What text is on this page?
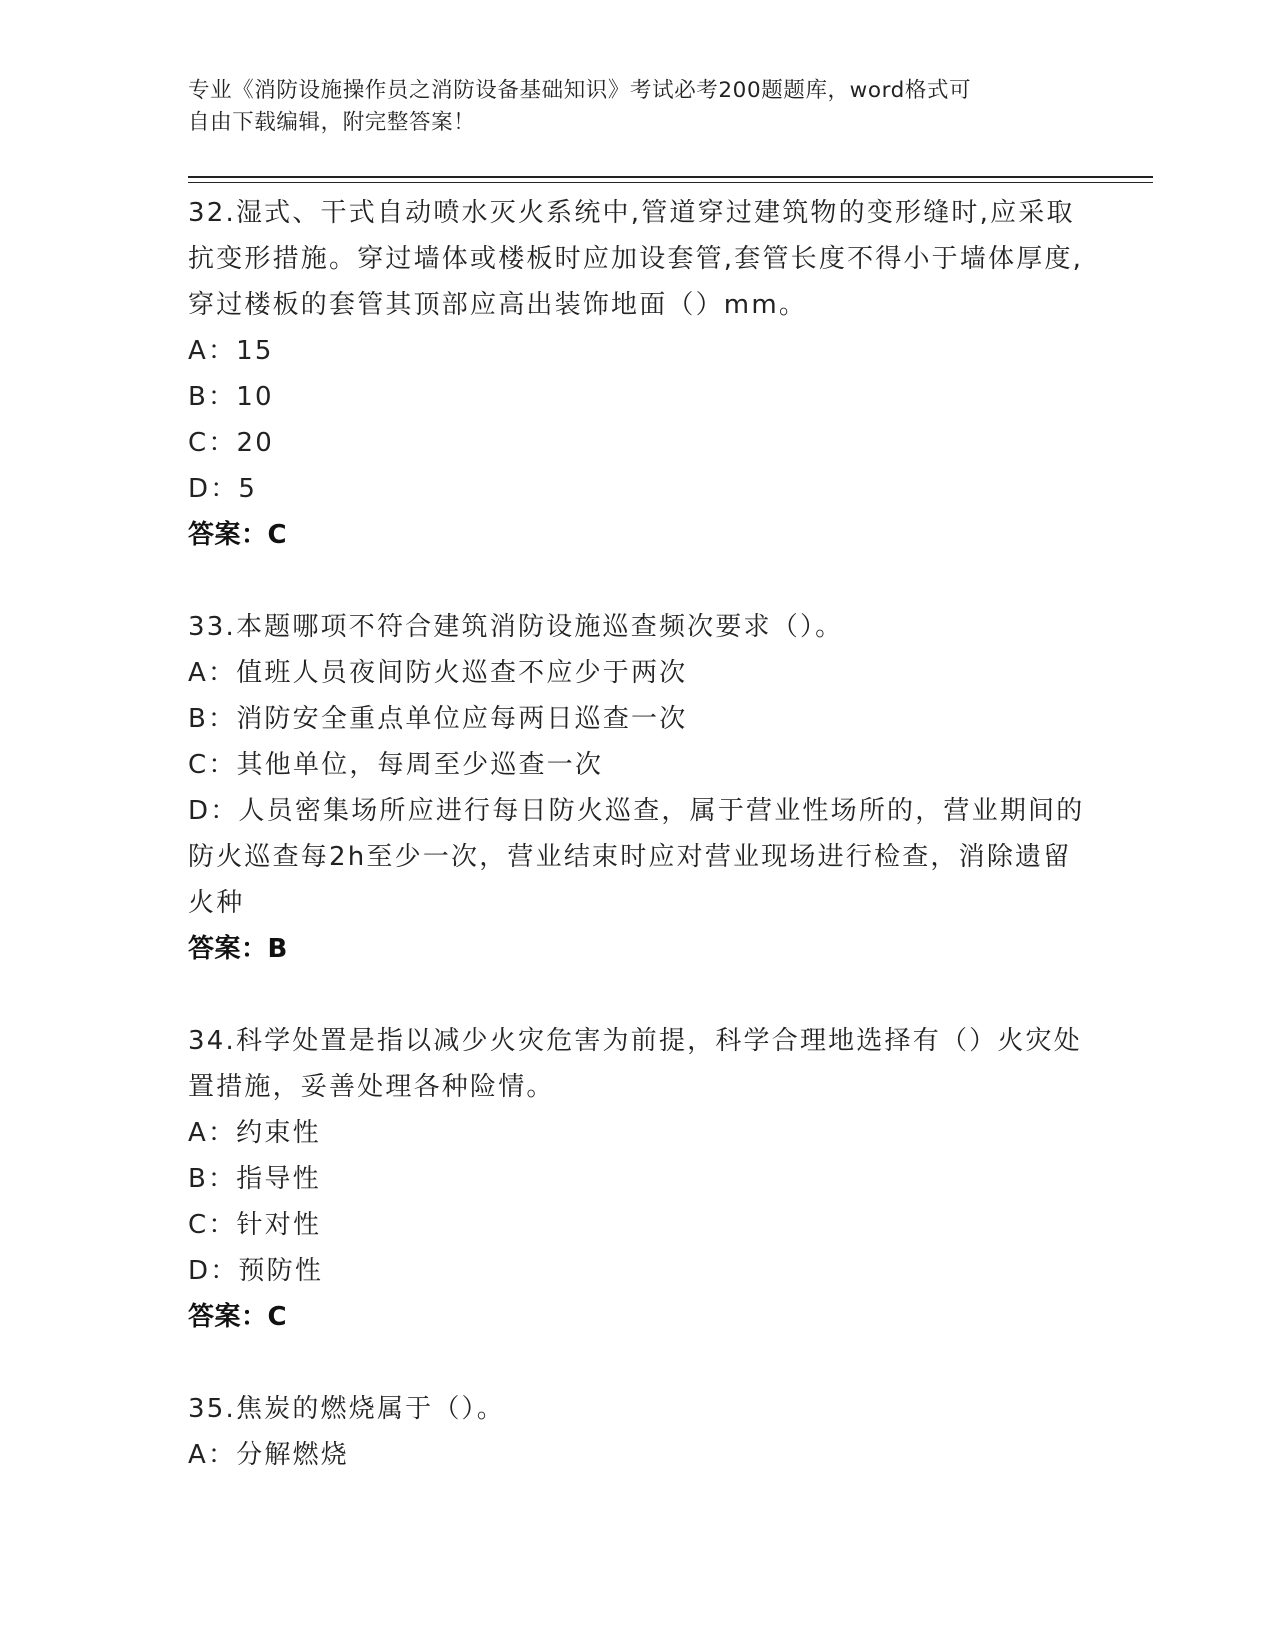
专业《消防设施操作员之消防设备基础知识》考试必考200题题库，word格式可
自由下载编辑，附完整答案！

32.湿式、干式自动喷水灭火系统中,管道穿过建筑物的变形缝时,应采取抗变形措施。穿过墙体或楼板时应加设套管,套管长度不得小于墙体厚度,穿过楼板的套管其顶部应高出装饰地面（）mm。

A：15

B：10

C：20

D：5

答案：C

33.本题哪项不符合建筑消防设施巡查频次要求（）。

A：值班人员夜间防火巡查不应少于两次

B：消防安全重点单位应每两日巡查一次

C：其他单位，每周至少巡查一次

D：人员密集场所应进行每日防火巡查，属于营业性场所的，营业期间的防火巡查每2h至少一次，营业结束时应对营业现场进行检查，消除遗留火种

答案：B

34.科学处置是指以减少火灾危害为前提，科学合理地选择有（）火灾处置措施，妥善处理各种险情。

A：约束性

B：指导性

C：针对性

D：预防性

答案：C

35.焦炭的燃烧属于（）。

A：分解燃烧
